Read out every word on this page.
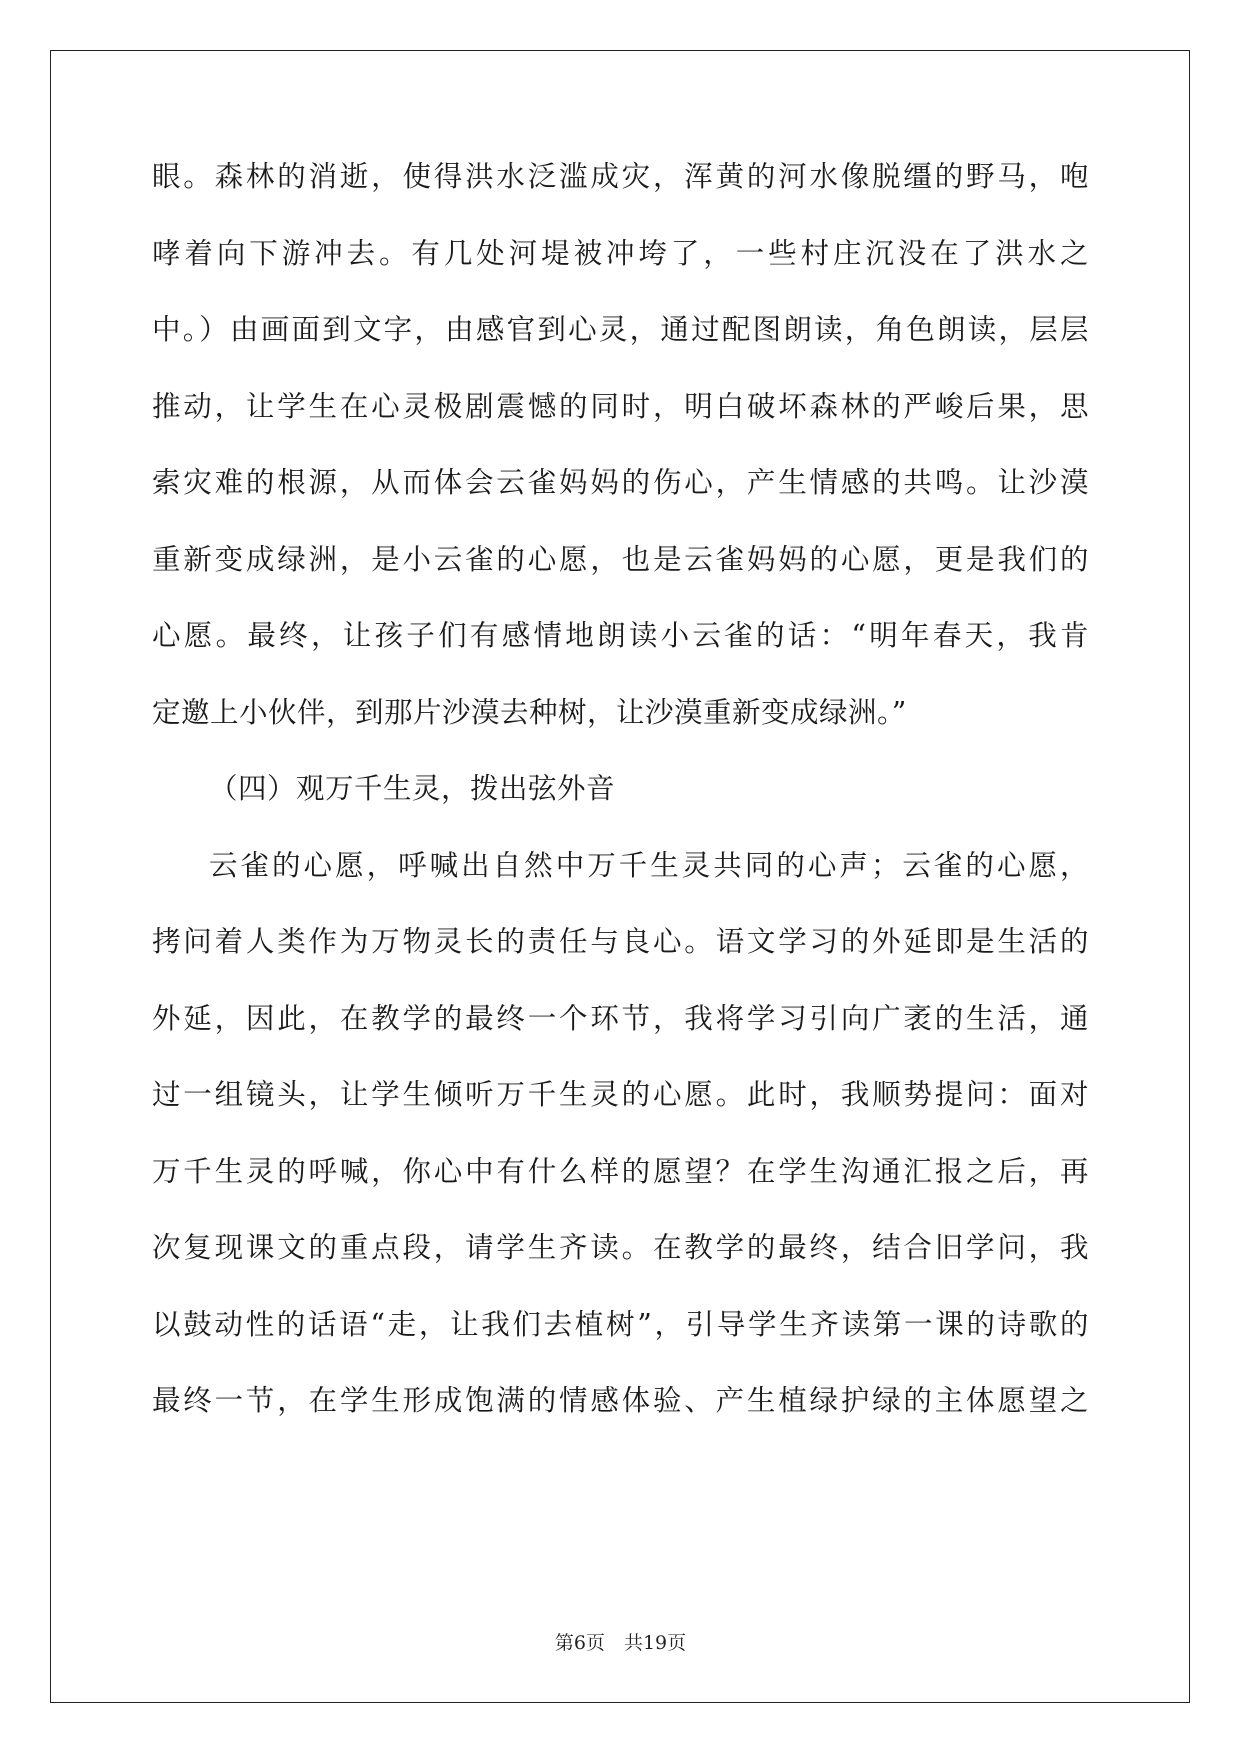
眼。森林的消逝，使得洪水泛滥成灾，浑黄的河水像脱缰的野马，咆
哮着向下游冲去。有几处河堤被冲垮了，一些村庄沉没在了洪水之
中。）由画面到文字，由感官到心灵，通过配图朗读，角色朗读，层层
推动，让学生在心灵极剧震憾的同时，明白破坏森林的严峻后果，思
索灾难的根源，从而体会云雀妈妈的伤心，产生情感的共鸣。让沙漠
重新变成绿洲，是小云雀的心愿，也是云雀妈妈的心愿，更是我们的
心愿。最终，让孩子们有感情地朗读小云雀的话：“明年春天，我肯
定邀上小伙伴，到那片沙漠去种树，让沙漠重新变成绿洲。”
（四）观万千生灵，拨出弦外音
云雀的心愿，呼喊出自然中万千生灵共同的心声；云雀的心愿，
拷问着人类作为万物灵长的责任与良心。语文学习的外延即是生活的
外延，因此，在教学的最终一个环节，我将学习引向广袤的生活，通
过一组镜头，让学生倾听万千生灵的心愿。此时，我顺势提问：面对
万千生灵的呼喊，你心中有什么样的愿望？在学生沟通汇报之后，再
次复现课文的重点段，请学生齐读。在教学的最终，结合旧学问，我
以鼓动性的话语“走，让我们去植树”，引导学生齐读第一课的诗歌的
最终一节，在学生形成饱满的情感体验、产生植绿护绿的主体愿望之
第6页　共19页
